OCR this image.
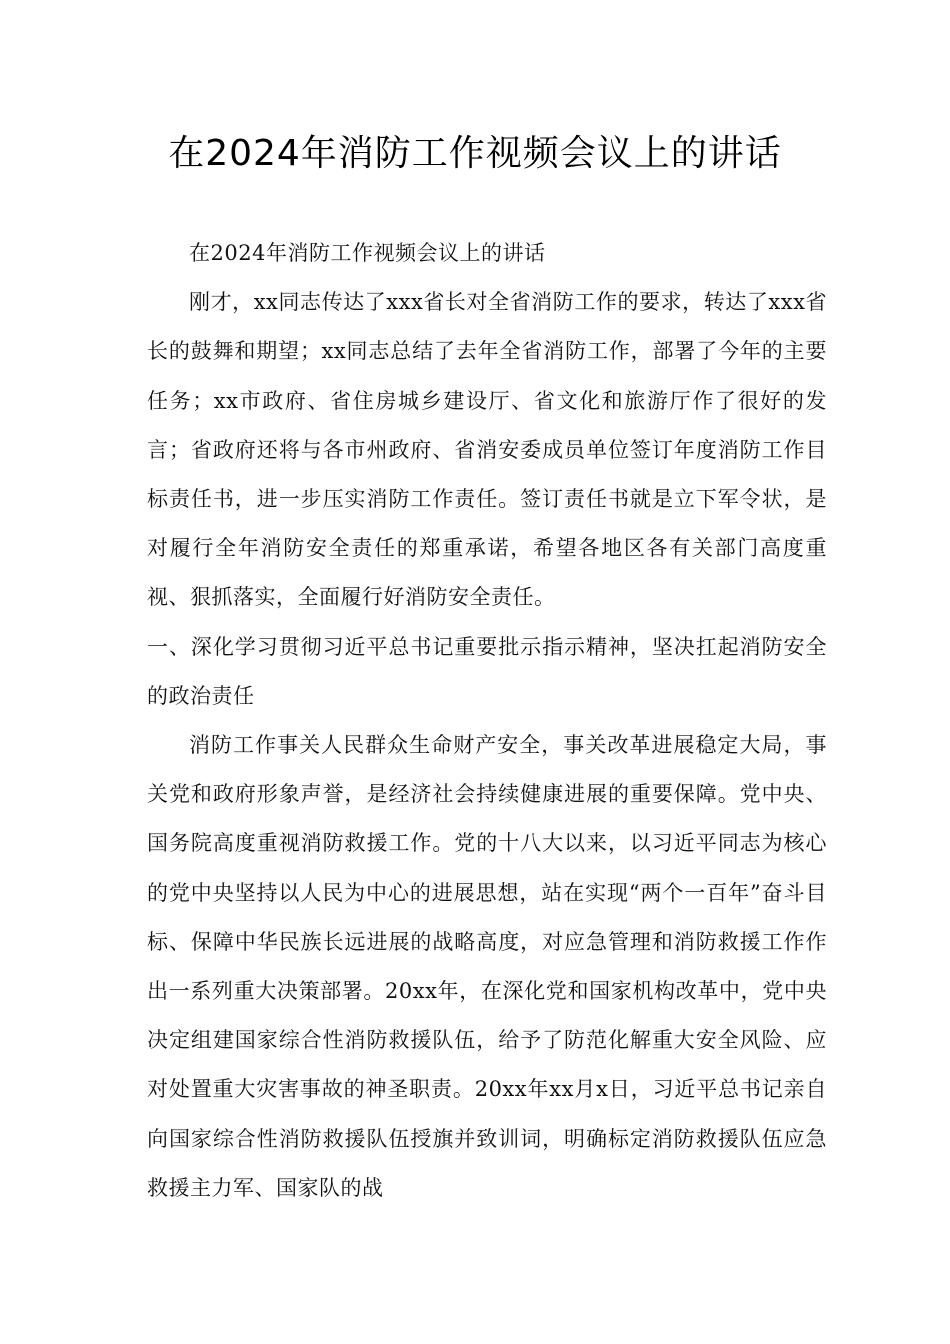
在2024年消防工作视频会议上的讲话

在2024年消防工作视频会议上的讲话

刚才，xx同志传达了xxx省长对全省消防工作的要求，转达了xxx省长的鼓舞和期望；xx同志总结了去年全省消防工作，部署了今年的主要任务；xx市政府、省住房城乡建设厅、省文化和旅游厅作了很好的发言；省政府还将与各市州政府、省消安委成员单位签订年度消防工作目标责任书，进一步压实消防工作责任。签订责任书就是立下军令状，是对履行全年消防安全责任的郑重承诺，希望各地区各有关部门高度重视、狠抓落实，全面履行好消防安全责任。

一、深化学习贯彻习近平总书记重要批示指示精神，坚决扛起消防安全的政治责任

消防工作事关人民群众生命财产安全，事关改革进展稳定大局，事关党和政府形象声誉，是经济社会持续健康进展的重要保障。党中央、国务院高度重视消防救援工作。党的十八大以来，以习近平同志为核心的党中央坚持以人民为中心的进展思想，站在实现“两个一百年”奋斗目标、保障中华民族长远进展的战略高度，对应急管理和消防救援工作作出一系列重大决策部署。20xx年，在深化党和国家机构改革中，党中央决定组建国家综合性消防救援队伍，给予了防范化解重大安全风险、应对处置重大灾害事故的神圣职责。20xx年xx月x日，习近平总书记亲自向国家综合性消防救援队伍授旗并致训词，明确标定消防救援队伍应急救援主力军、国家队的战
